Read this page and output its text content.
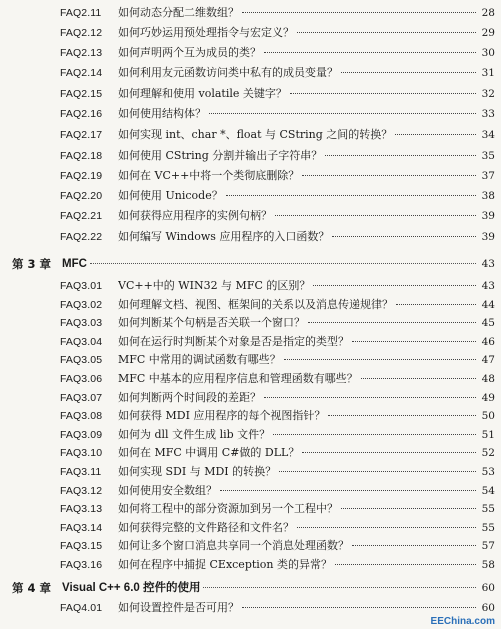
FAQ2.11	如何动态分配二维数组？	28
FAQ2.12	如何巧妙运用预处理指令与宏定义？	29
FAQ2.13	如何声明两个互为成员的类？	30
FAQ2.14	如何利用友元函数访问类中私有的成员变量？	31
FAQ2.15	如何理解和使用 volatile 关键字？	32
FAQ2.16	如何使用结构体？	33
FAQ2.17	如何实现 int、char *、float 与 CString 之间的转换？	34
FAQ2.18	如何使用 CString 分割并输出子字符串？	35
FAQ2.19	如何在 VC++中将一个类彻底删除？	37
FAQ2.20	如何使用 Unicode？	38
FAQ2.21	如何获得应用程序的实例句柄？	39
FAQ2.22	如何编写 Windows 应用程序的入口函数？	39
第 3 章 MFC	43
FAQ3.01	VC++中的 WIN32 与 MFC 的区别？	43
FAQ3.02	如何理解文档、视图、框架间的关系以及消息传递规律？	44
FAQ3.03	如何判断某个句柄是否关联一个窗口？	45
FAQ3.04	如何在运行时判断某个对象是否是指定的类型？	46
FAQ3.05	MFC 中常用的调试函数有哪些？	47
FAQ3.06	MFC 中基本的应用程序信息和管理函数有哪些？	48
FAQ3.07	如何判断两个时间段的差距？	49
FAQ3.08	如何获得 MDI 应用程序的每个视图指针？	50
FAQ3.09	如何为 dll 文件生成 lib 文件？	51
FAQ3.10	如何在 MFC 中调用 C#做的 DLL？	52
FAQ3.11	如何实现 SDI 与 MDI 的转换？	53
FAQ3.12	如何使用安全数组？	54
FAQ3.13	如何将工程中的部分资源加到另一个工程中？	55
FAQ3.14	如何获得完整的文件路径和文件名？	55
FAQ3.15	如何让多个窗口消息共享同一个消息处理函数？	57
FAQ3.16	如何在程序中捕捉 CException 类的异常？	58
第 4 章 Visual C++ 6.0 控件的使用	60
FAQ4.01	如何设置控件是否可用？	60
EEChina.com
